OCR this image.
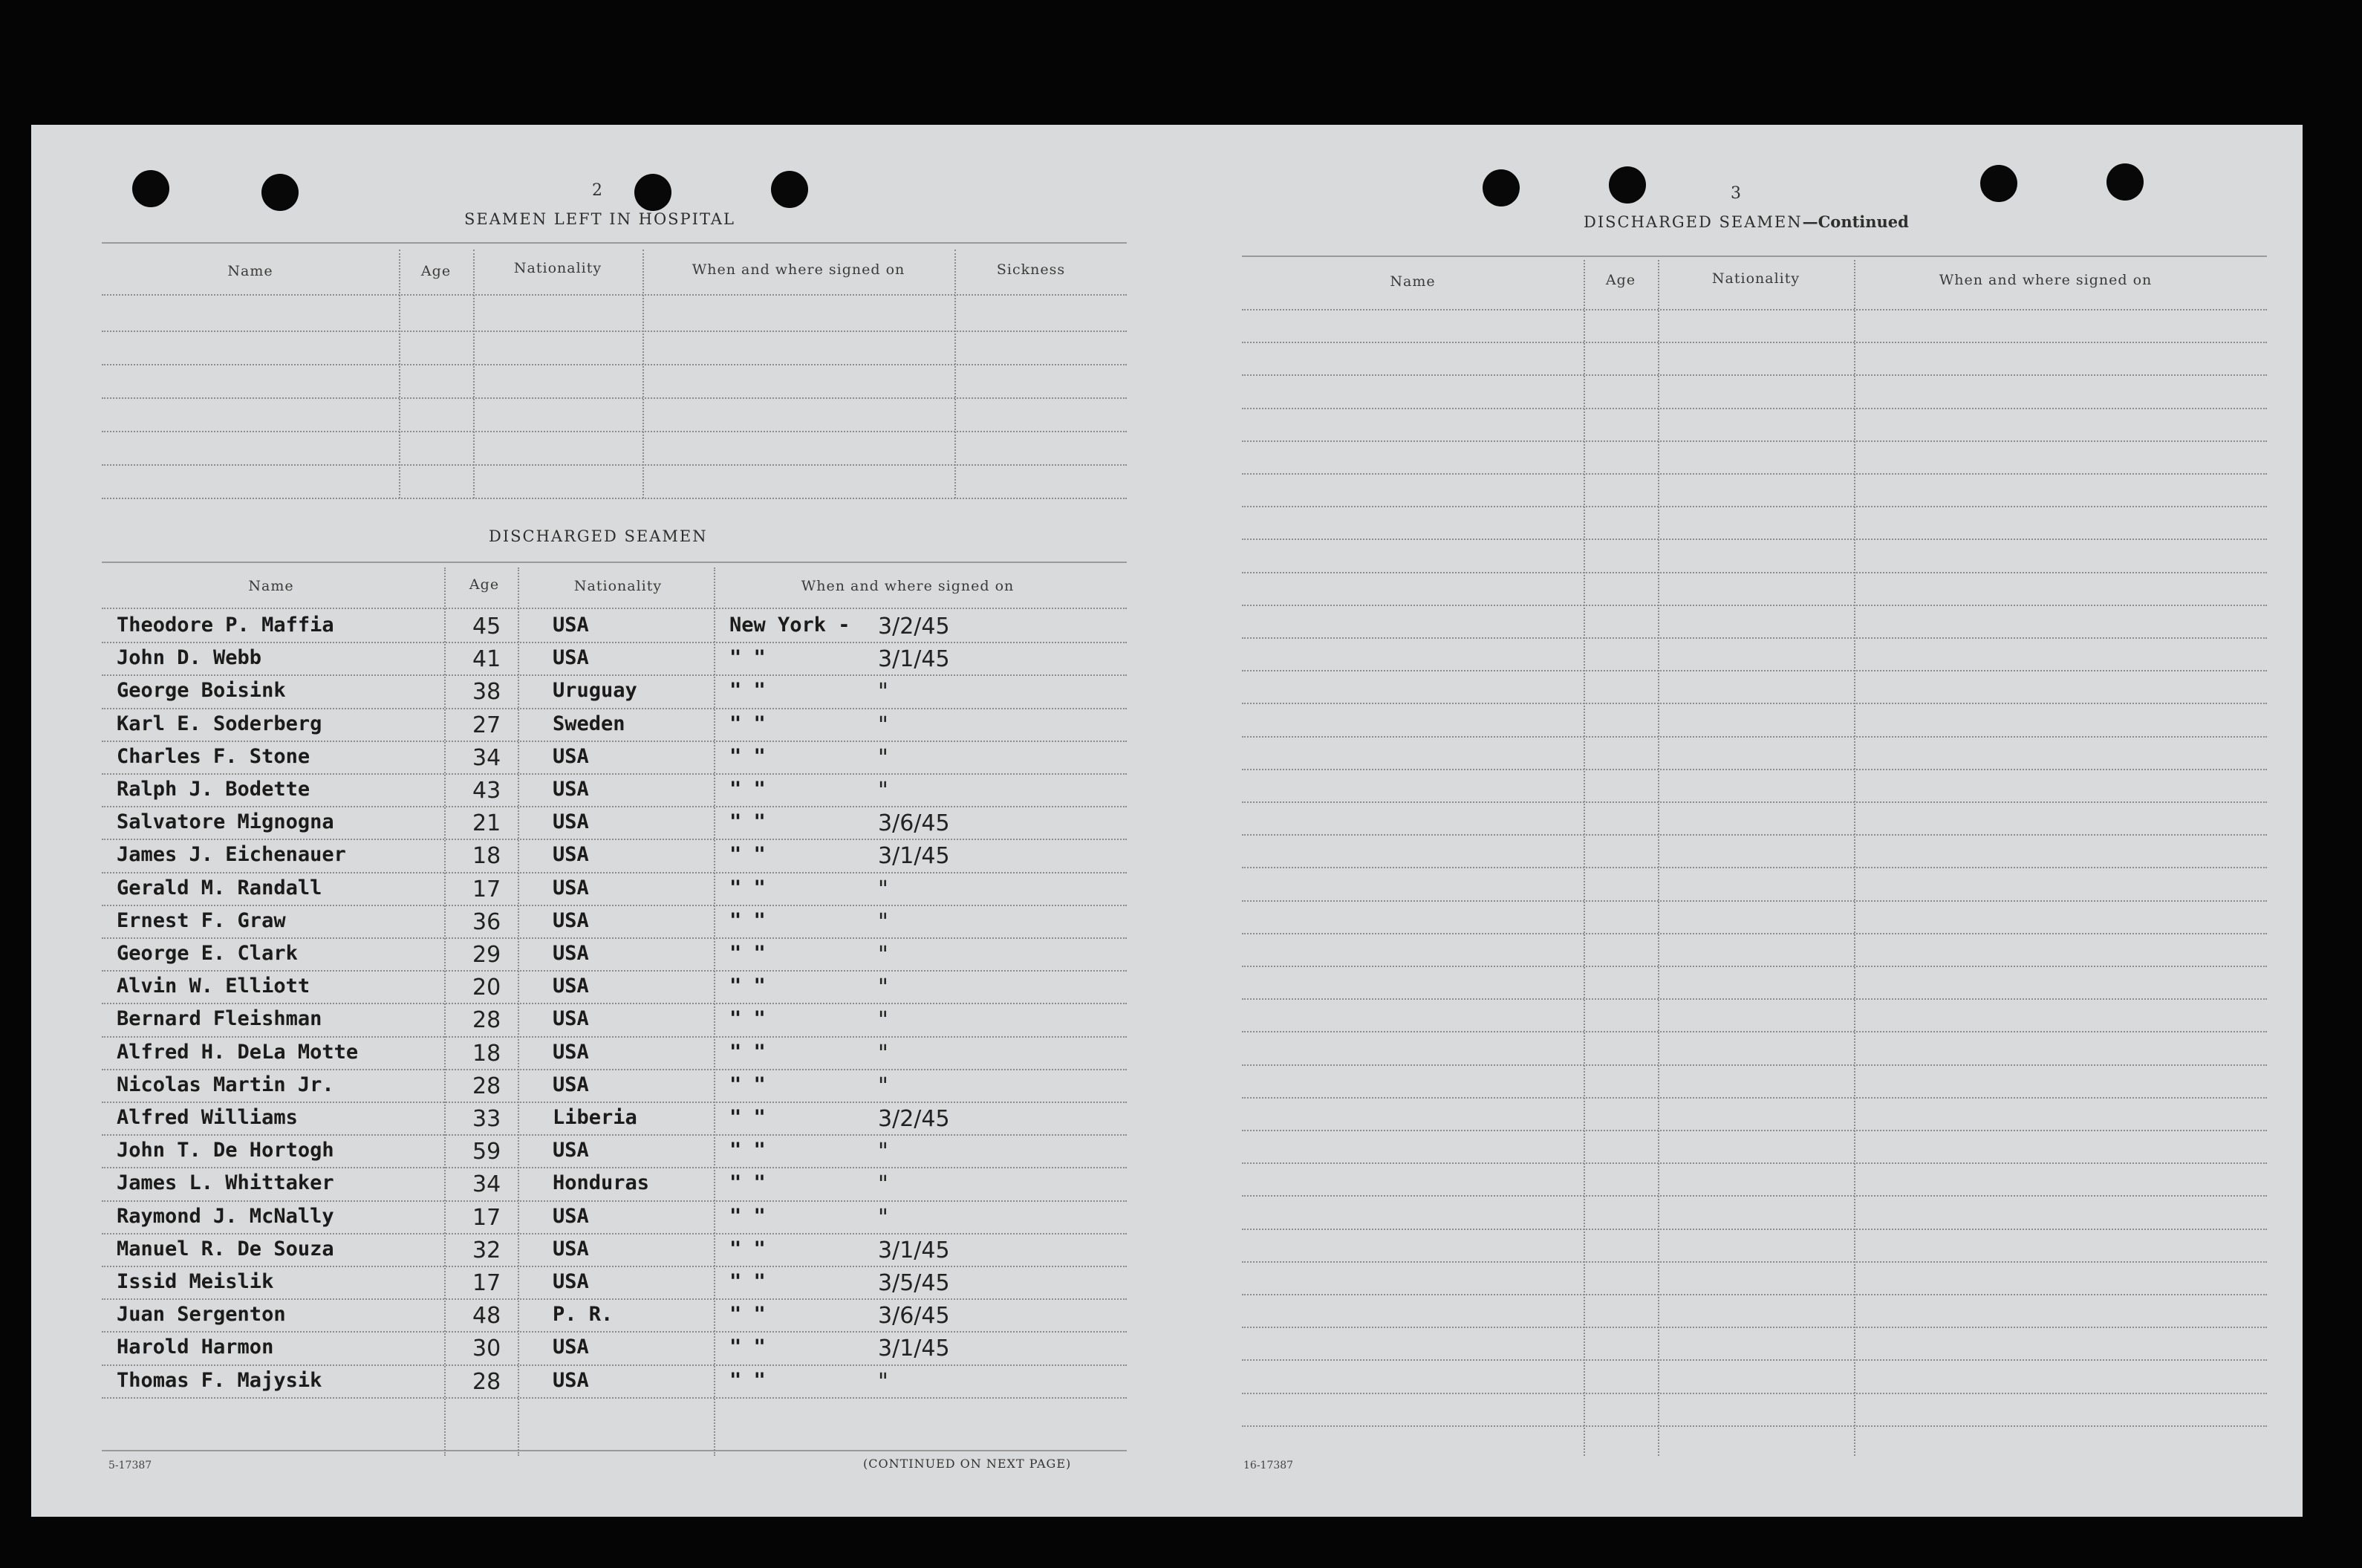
2
SEAMEN LEFT IN HOSPITAL
Name	Age	Nationality	When and where signed on	Sickness
DISCHARGED SEAMEN
Name	Age	Nationality	When and where signed on
Theodore P. Maffia	45	USA	New York - 3/2/45
John D. Webb	41	USA	" "	3/1/45
George Boisink	38	Uruguay	" "	"
Karl E. Soderberg	27	Sweden	" "	"
Charles F. Stone	34	USA	" "	"
Ralph J. Bodette	43	USA	" "	"
Salvatore Mignogna	21	USA	" "	3/6/45
James J. Eichenauer	18	USA	" "	3/1/45
Gerald M. Randall	17	USA	" "	"
Ernest F. Graw	36	USA	" "	"
George E. Clark	29	USA	" "	"
Alvin W. Elliott	20	USA	" "	"
Bernard Fleishman	28	USA	" "	"
Alfred H. DeLa Motte	18	USA	" "	"
Nicolas Martin Jr.	28	USA	" "	"
Alfred Williams	33	Liberia	" "	3/2/45
John T. De Hortogh	59	USA	" "	"
James L. Whittaker	34	Honduras	" "	"
Raymond J. McNally	17	USA	" "	"
Manuel R. De Souza	32	USA	" "	3/1/45
Issid Meislik	17	USA	" "	3/5/45
Juan Sergenton	48	P. R.	" "	3/6/45
Harold Harmon	30	USA	" "	3/1/45
Thomas F. Majysik	28	USA	" "	"
5-17387	(CONTINUED ON NEXT PAGE)
3
DISCHARGED SEAMEN—Continued
Name	Age	Nationality	When and where signed on
16-17387
